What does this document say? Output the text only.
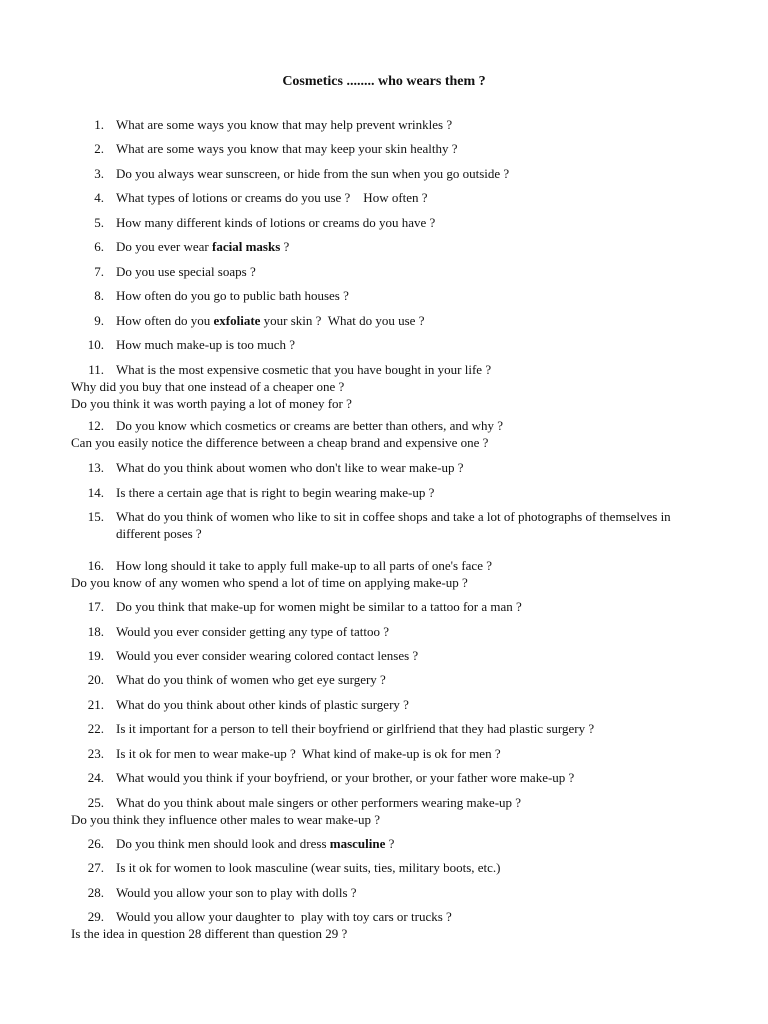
Cosmetics ........ who wears them ?
1. What are some ways you know that may help prevent wrinkles ?
2. What are some ways you know that may keep your skin healthy ?
3. Do you always wear sunscreen, or hide from the sun when you go outside ?
4. What types of lotions or creams do you use ?    How often ?
5. How many different kinds of lotions or creams do you have ?
6. Do you ever wear facial masks ?
7. Do you use special soaps ?
8. How often do you go to public bath houses ?
9. How often do you exfoliate your skin ?  What do you use ?
10. How much make-up is too much ?
11. What is the most expensive cosmetic that you have bought in your life ?
Why did you buy that one instead of a cheaper one ?
Do you think it was worth paying a lot of money for ?
12. Do you know which cosmetics or creams are better than others, and why ?
Can you easily notice the difference between a cheap brand and expensive one ?
13. What do you think about women who don't like to wear make-up ?
14. Is there a certain age that is right to begin wearing make-up ?
15. What do you think of women who like to sit in coffee shops and take a lot of photographs of themselves in different poses ?
16. How long should it take to apply full make-up to all parts of one's face ?
Do you know of any women who spend a lot of time on applying make-up ?
17. Do you think that make-up for women might be similar to a tattoo for a man ?
18. Would you ever consider getting any type of tattoo ?
19. Would you ever consider wearing colored contact lenses ?
20. What do you think of women who get eye surgery ?
21. What do you think about other kinds of plastic surgery ?
22. Is it important for a person to tell their boyfriend or girlfriend that they had plastic surgery ?
23. Is it ok for men to wear make-up ?  What kind of make-up is ok for men ?
24. What would you think if your boyfriend, or your brother, or your father wore make-up ?
25. What do you think about male singers or other performers wearing make-up ?
Do you think they influence other males to wear make-up ?
26. Do you think men should look and dress masculine ?
27. Is it ok for women to look masculine (wear suits, ties, military boots, etc.)
28. Would you allow your son to play with dolls ?
29. Would you allow your daughter to  play with toy cars or trucks ?
Is the idea in question 28 different than question 29 ?
